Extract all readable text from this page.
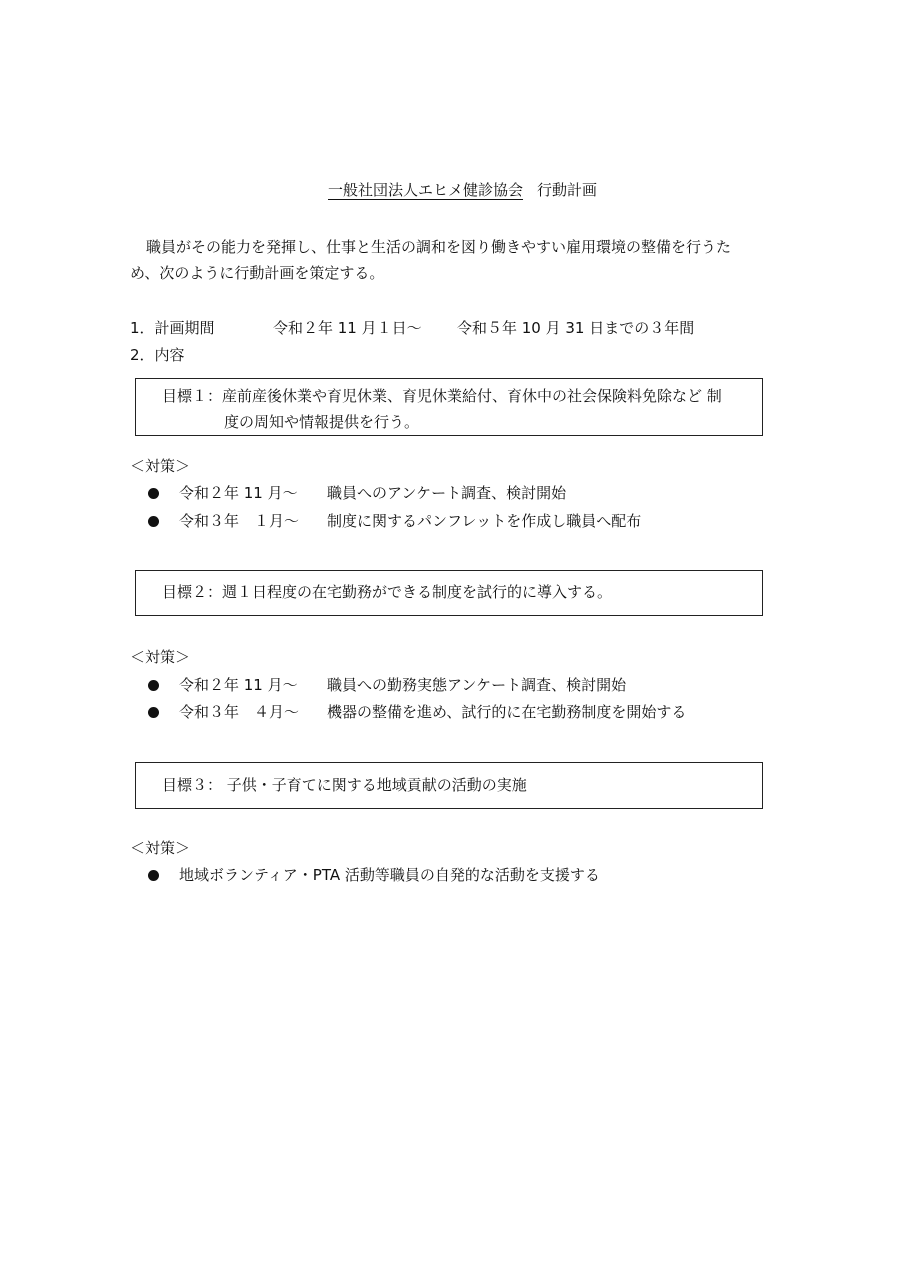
一般社団法人エヒメ健診協会 行動計画
職員がその能力を発揮し、仕事と生活の調和を図り働きやすい雇用環境の整備を行うた
め、次のように行動計画を策定する。
1．計画期間	令和２年 11 月１日～ 令和５年 10 月 31 日までの３年間
2．内容
目標１：産前産後休業や育児休業、育児休業給付、育休中の社会保険料免除など 制
度の周知や情報提供を行う。
＜対策＞
令和２年 11 月～ 職員へのアンケート調査、検討開始
令和３年　１月～ 制度に関するパンフレットを作成し職員へ配布
目標２：週１日程度の在宅勤務ができる制度を試行的に導入する。
＜対策＞
令和２年 11 月～ 職員への勤務実態アンケート調査、検討開始
令和３年　４月～ 機器の整備を進め、試行的に在宅勤務制度を開始する
目標３： 子供・子育てに関する地域貢献の活動の実施
＜対策＞
地域ボランティア・PTA 活動等職員の自発的な活動を支援する
